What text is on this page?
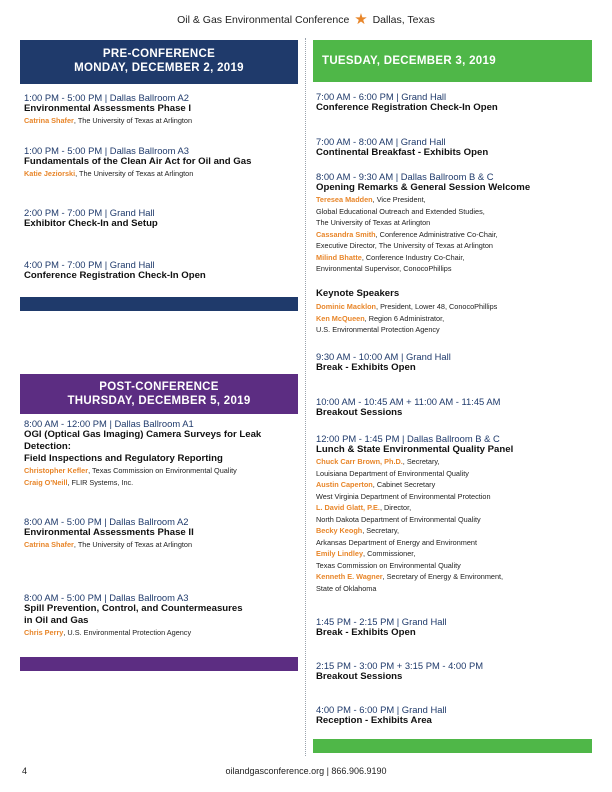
Oil & Gas Environmental Conference ★ Dallas, Texas
PRE-CONFERENCE
MONDAY, DECEMBER 2, 2019
1:00 PM - 5:00 PM | Dallas Ballroom A2
Environmental Assessments Phase I
Catrina Shafer, The University of Texas at Arlington
1:00 PM - 5:00 PM | Dallas Ballroom A3
Fundamentals of the Clean Air Act for Oil and Gas
Katie Jeziorski, The University of Texas at Arlington
2:00 PM - 7:00 PM | Grand Hall
Exhibitor Check-In and Setup
4:00 PM - 7:00 PM | Grand Hall
Conference Registration Check-In Open
POST-CONFERENCE
THURSDAY, DECEMBER 5, 2019
8:00 AM - 12:00 PM | Dallas Ballroom A1
OGI (Optical Gas Imaging) Camera Surveys for Leak
Detection:
Field Inspections and Regulatory Reporting
Christopher Kefler, Texas Commission on Environmental Quality
Craig O'Neill, FLIR Systems, Inc.
8:00 AM - 5:00 PM | Dallas Ballroom A2
Environmental Assessments Phase II
Catrina Shafer, The University of Texas at Arlington
8:00 AM - 5:00 PM | Dallas Ballroom A3
Spill Prevention, Control, and Countermeasures
in Oil and Gas
Chris Perry, U.S. Environmental Protection Agency
TUESDAY, DECEMBER 3, 2019
7:00 AM - 6:00 PM | Grand Hall
Conference Registration Check-In Open
7:00 AM - 8:00 AM | Grand Hall
Continental Breakfast - Exhibits Open
8:00 AM - 9:30 AM | Dallas Ballroom B & C
Opening Remarks & General Session Welcome
Teresea Madden, Vice President,
Global Educational Outreach and Extended Studies,
The University of Texas at Arlington
Cassandra Smith, Conference Administrative Co-Chair,
Executive Director, The University of Texas at Arlington
Milind Bhatte, Conference Industry Co-Chair,
Environmental Supervisor, ConocoPhillips
Keynote Speakers
Dominic Macklon, President, Lower 48, ConocoPhillips
Ken McQueen, Region 6 Administrator,
U.S. Environmental Protection Agency
9:30 AM - 10:00 AM | Grand Hall
Break - Exhibits Open
10:00 AM - 10:45 AM + 11:00 AM - 11:45 AM
Breakout Sessions
12:00 PM - 1:45 PM | Dallas Ballroom B & C
Lunch & State Environmental Quality Panel
Chuck Carr Brown, Ph.D., Secretary,
Louisiana Department of Environmental Quality
Austin Caperton, Cabinet Secretary
West Virginia Department of Environmental Protection
L. David Glatt, P.E., Director,
North Dakota Department of Environmental Quality
Becky Keogh, Secretary,
Arkansas Department of Energy and Environment
Emily Lindley, Commissioner,
Texas Commission on Environmental Quality
Kenneth E. Wagner, Secretary of Energy & Environment,
State of Oklahoma
1:45 PM - 2:15 PM | Grand Hall
Break - Exhibits Open
2:15 PM - 3:00 PM + 3:15 PM - 4:00 PM
Breakout Sessions
4:00 PM - 6:00 PM | Grand Hall
Reception - Exhibits Area
oilandgasconference.org | 866.906.9190
4
